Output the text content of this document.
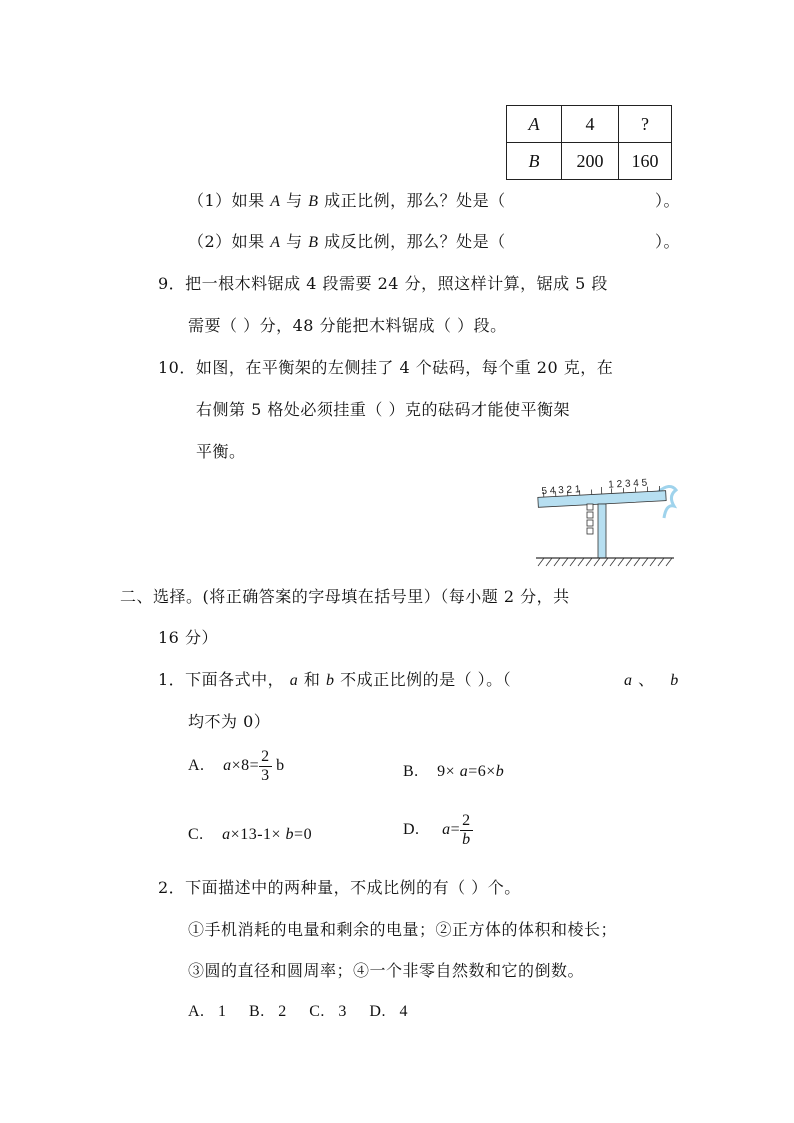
A	4	?
B	200	160
（1）如果 A 与 B 成正比例，那么？处是（	）。
（2）如果 A 与 B 成反比例，那么？处是（	）。
9．把一根木料锯成 4 段需要 24 分，照这样计算，锯成 5 段
需要（ ）分，48 分能把木料锯成（ ）段。
10．如图，在平衡架的左侧挂了 4 个砝码，每个重 20 克，在
右侧第 5 格处必须挂重（ ）克的砝码才能使平衡架
平衡。
5 4 3 2 1	1 2 3 4 5
二、选择。(将正确答案的字母填在括号里）（每小题 2 分，共
16 分）
1．下面各式中， a 和 b 不成正比例的是（ ）。（	a 、 b
均不为 0）
A. $a\times 8= \frac{2}{3}$ b	B. 9× a=6×b
C. a×13-1× b=0	D. $a= \frac{2}{b}$
2．下面描述中的两种量，不成比例的有（ ）个。
①手机消耗的电量和剩余的电量；②正方体的体积和棱长；
③圆的直径和圆周率；④一个非零自然数和它的倒数。
A.   1     B.   2     C.   3     D.   4
